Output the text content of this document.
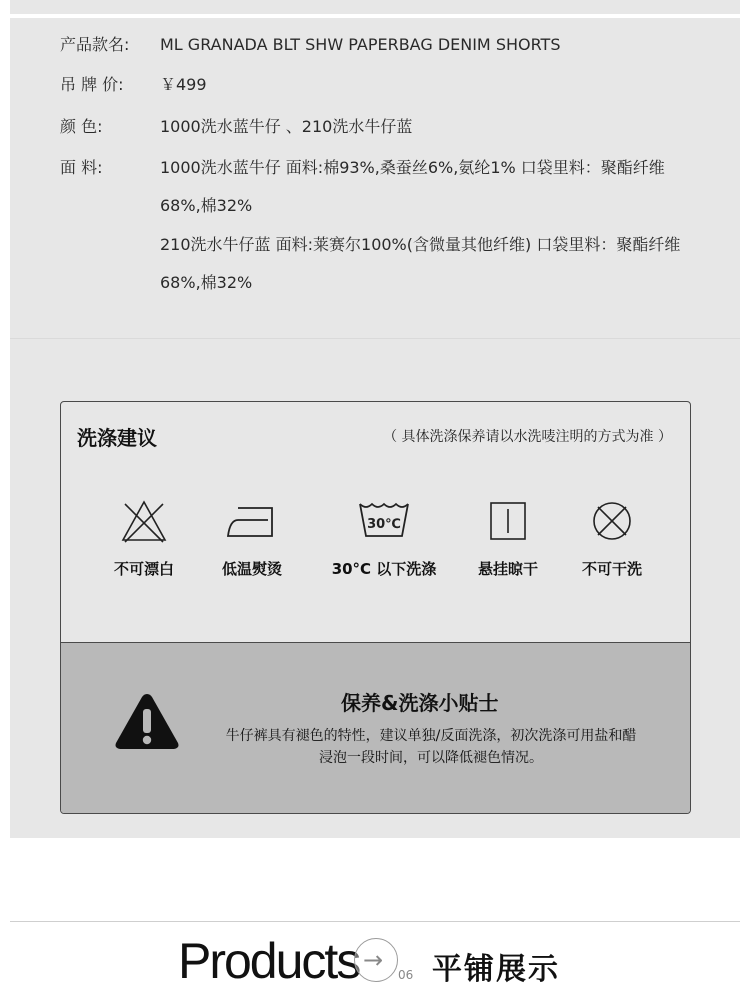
产品款名: ML GRANADA BLT SHW PAPERBAG DENIM SHORTS
吊 牌 价: ￥499
颜 色:	1000洗水蓝牛仔 、210洗水牛仔蓝
面 料:	1000洗水蓝牛仔 面料:棉93%,桑蚕丝6%,氨纶1% 口袋里料：聚酯纤维68%,棉32%
210洗水牛仔蓝 面料:莱赛尔100%(含微量其他纤维) 口袋里料：聚酯纤维68%,棉32%
洗涤建议	（ 具体洗涤保养请以水洗唛注明的方式为准 ）
不可漂白	低温熨烫
30℃
30°C 以下洗涤	悬挂晾干	不可干洗
保养&洗涤小贴士
牛仔裤具有褪色的特性，建议单独/反面洗涤，初次洗涤可用盐和醋浸泡一段时间，可以降低褪色情况。
Products →
06 平铺展示
